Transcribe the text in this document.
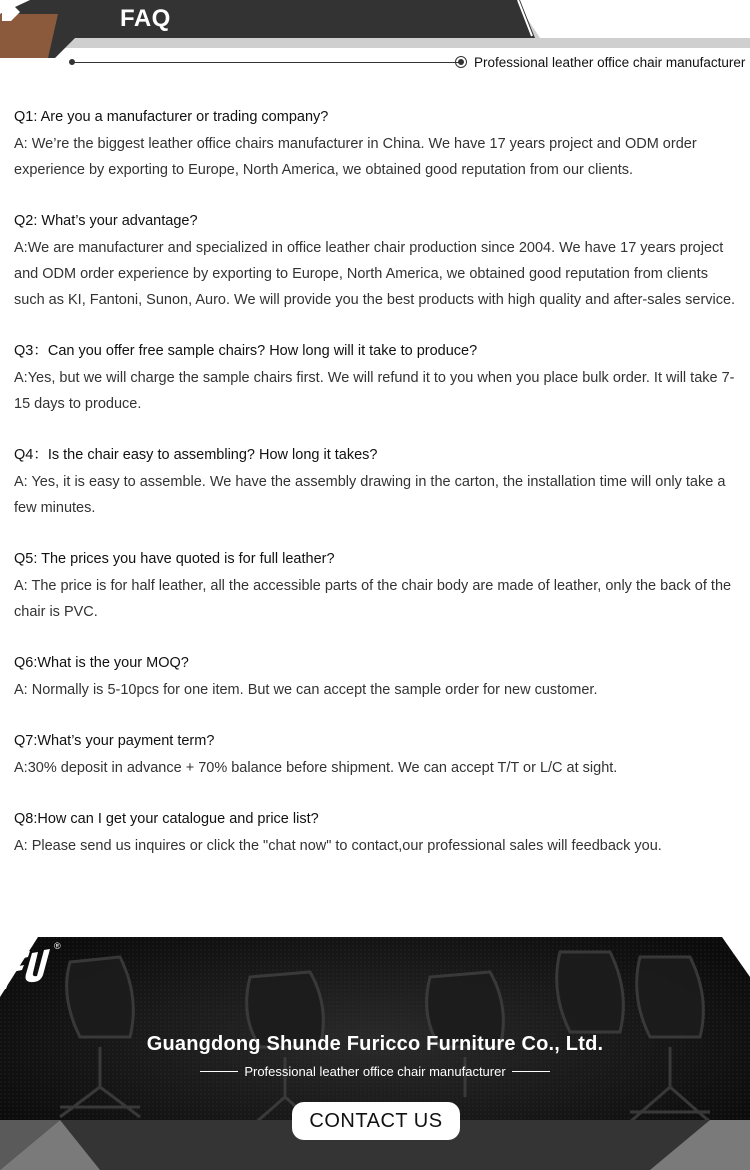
FAQ
Professional leather office chair manufacturer
Q1: Are you a manufacturer or trading company?
A: We’re the biggest leather office chairs manufacturer in China. We have 17 years project and ODM order experience by exporting to Europe, North America, we obtained good reputation from our clients.
Q2: What’s your advantage?
A:We are manufacturer and specialized in office leather chair production since 2004. We have 17 years project and ODM order experience by exporting to Europe, North America, we obtained good reputation from clients such as KI, Fantoni, Sunon, Auro. We will provide you the best products with high quality and after-sales service.
Q3：Can you offer free sample chairs? How long will it take to produce?
A:Yes, but we will charge the sample chairs first. We will refund it to you when you place bulk order. It will take 7-15 days to produce.
Q4：Is the chair easy to assembling? How long it takes?
A: Yes, it is easy to assemble. We have the assembly drawing in the carton, the installation time will only take a few minutes.
Q5: The prices you have quoted is for full leather?
A: The price is for half leather, all the accessible parts of the chair body are made of leather, only the back of the chair is PVC.
Q6:What is the your MOQ?
A: Normally is 5-10pcs for one item. But we can accept the sample order for new customer.
Q7:What’s your payment term?
A:30% deposit in advance + 70% balance before shipment. We can accept T/T or L/C at sight.
Q8:How can I get your catalogue and price list?
A: Please send us inquires or click the "chat now" to contact,our professional sales will feedback you.
®
Guangdong Shunde Furicco Furniture Co., Ltd.
Professional leather office chair manufacturer
CONTACT US
